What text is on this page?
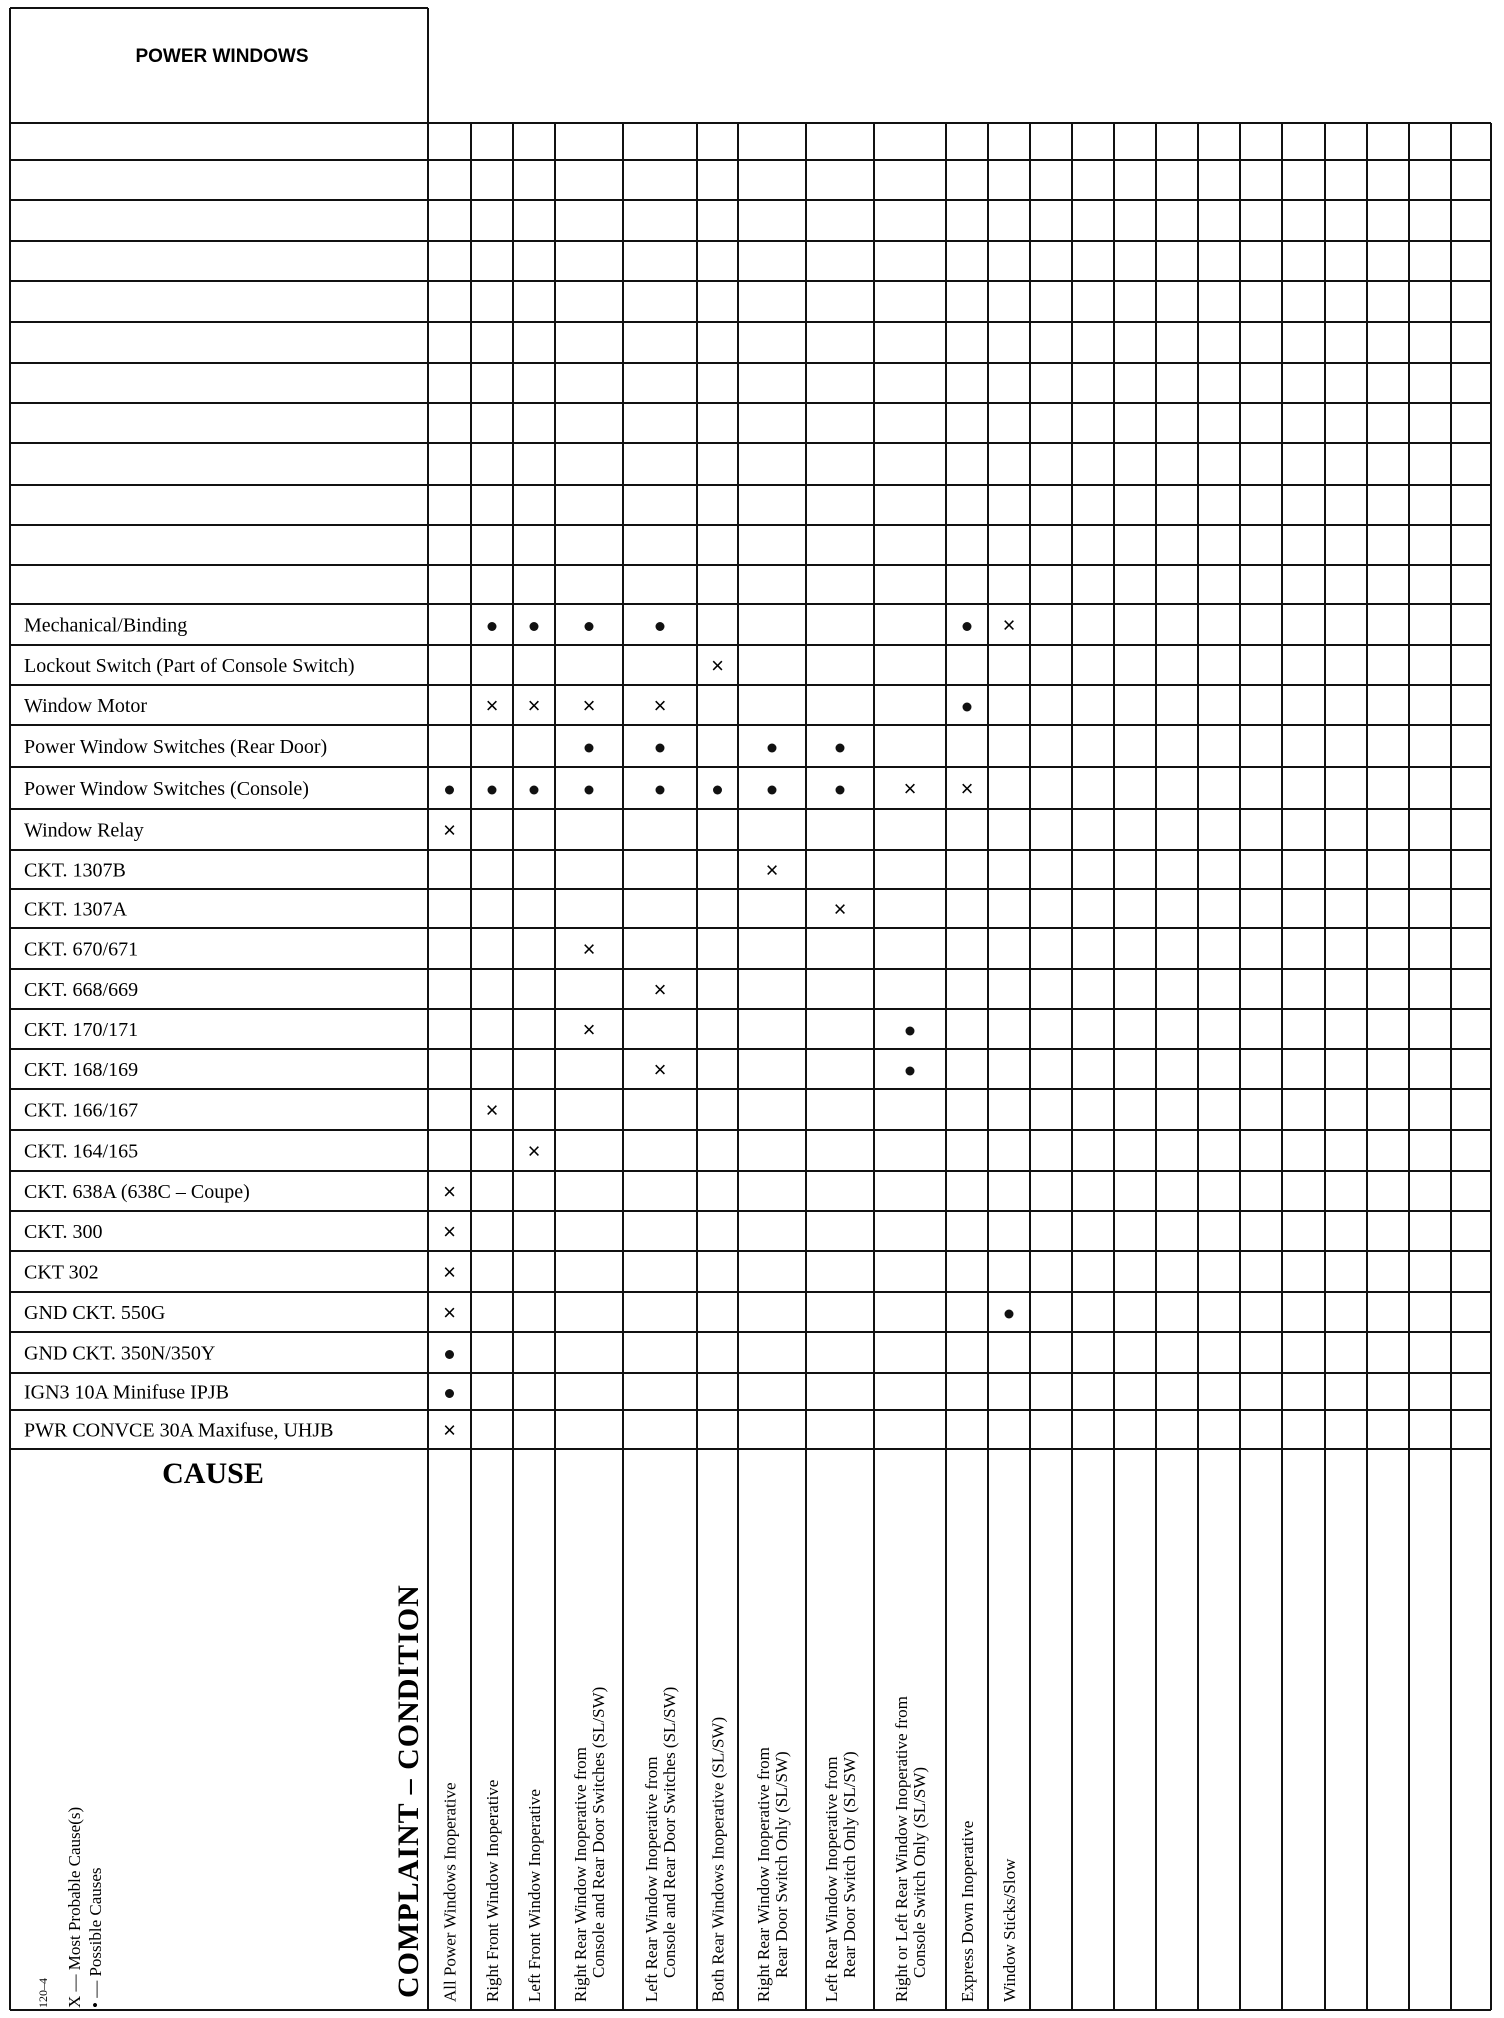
POWER WINDOWS
Mechanical/Binding
Lockout Switch (Part of Console Switch)
Window Motor
Power Window Switches (Rear Door)
Power Window Switches (Console)
Window Relay
CKT. 1307B
CKT. 1307A
CKT. 670/671
CKT. 668/669
CKT. 170/171
CKT. 168/169
CKT. 166/167
CKT. 164/165
CKT. 638A (638C – Coupe)
CKT. 300
CKT 302
GND CKT. 550G
GND CKT. 350N/350Y
IGN3 10A Minifuse IPJB
PWR CONVCE 30A Maxifuse, UHJB
×
×
× × ×	×
× ×
×
×
×
×
×
×
×
×
×
×
×
×
×
×
All Power Windows Inoperative Right Front Window Inoperative Left Front Window Inoperative Right Rear Window Inoperative from Console and Rear Door Switches (SL/SW) Left Rear Window Inoperative from Console and Rear Door Switches (SL/SW) Both Rear Windows Inoperative (SL/SW) Right Rear Window Inoperative from Rear Door Switch Only (SL/SW) Left Rear Window Inoperative from Rear Door Switch Only (SL/SW) Right or Left Rear Window Inoperative from Console Switch Only (SL/SW) Express Down Inoperative Window Sticks/Slow
CAUSE
COMPLAINT – CONDITION
X — Most Probable Cause(s) • — Possible Causes
120–4
